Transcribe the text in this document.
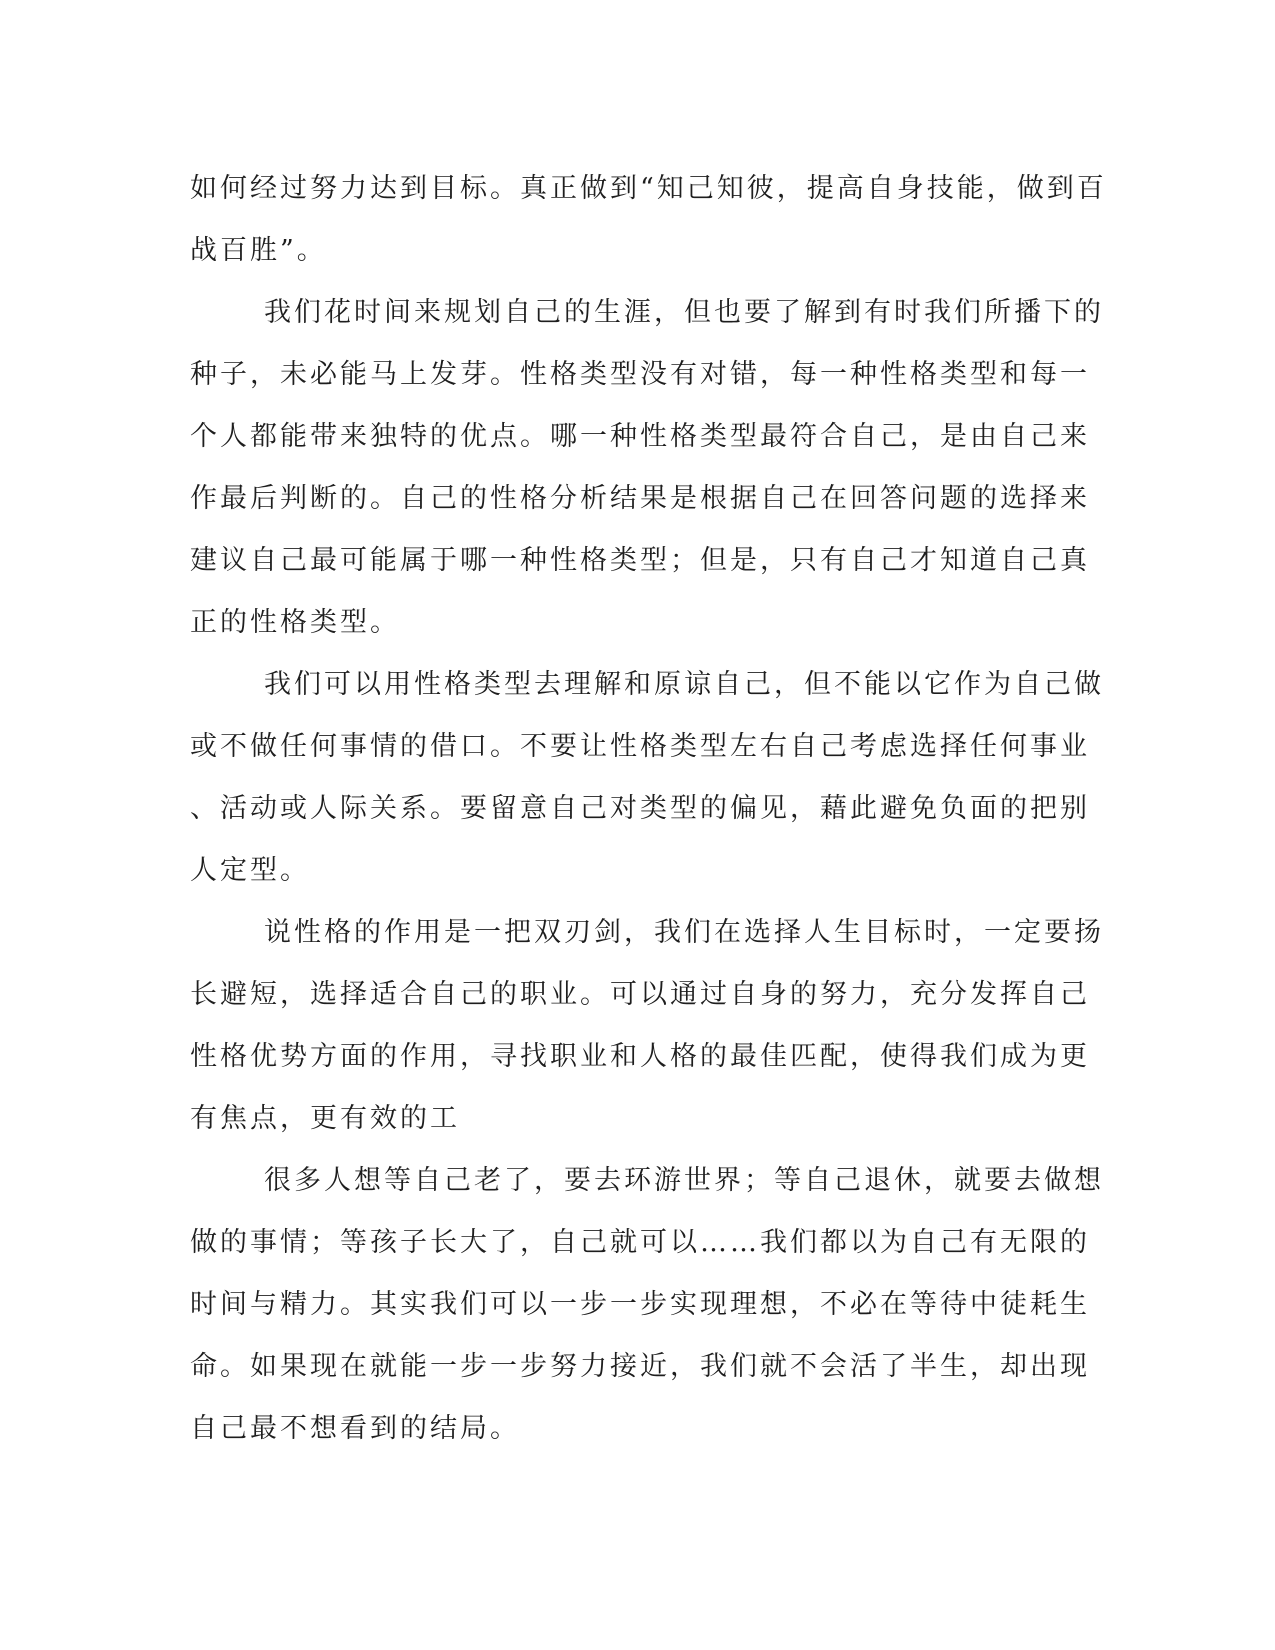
如何经过努力达到目标。真正做到“知己知彼，提高自身技能，做到百
战百胜”。
我们花时间来规划自己的生涯，但也要了解到有时我们所播下的
种子，未必能马上发芽。性格类型没有对错，每一种性格类型和每一
个人都能带来独特的优点。哪一种性格类型最符合自己，是由自己来
作最后判断的。自己的性格分析结果是根据自己在回答问题的选择来
建议自己最可能属于哪一种性格类型；但是，只有自己才知道自己真
正的性格类型。
我们可以用性格类型去理解和原谅自己，但不能以它作为自己做
或不做任何事情的借口。不要让性格类型左右自己考虑选择任何事业
、活动或人际关系。要留意自己对类型的偏见，藉此避免负面的把别
人定型。
说性格的作用是一把双刃剑，我们在选择人生目标时，一定要扬
长避短，选择适合自己的职业。可以通过自身的努力，充分发挥自己
性格优势方面的作用，寻找职业和人格的最佳匹配，使得我们成为更
有焦点，更有效的工
很多人想等自己老了，要去环游世界；等自己退休，就要去做想
做的事情；等孩子长大了，自己就可以……我们都以为自己有无限的
时间与精力。其实我们可以一步一步实现理想，不必在等待中徒耗生
命。如果现在就能一步一步努力接近，我们就不会活了半生，却出现
自己最不想看到的结局。
